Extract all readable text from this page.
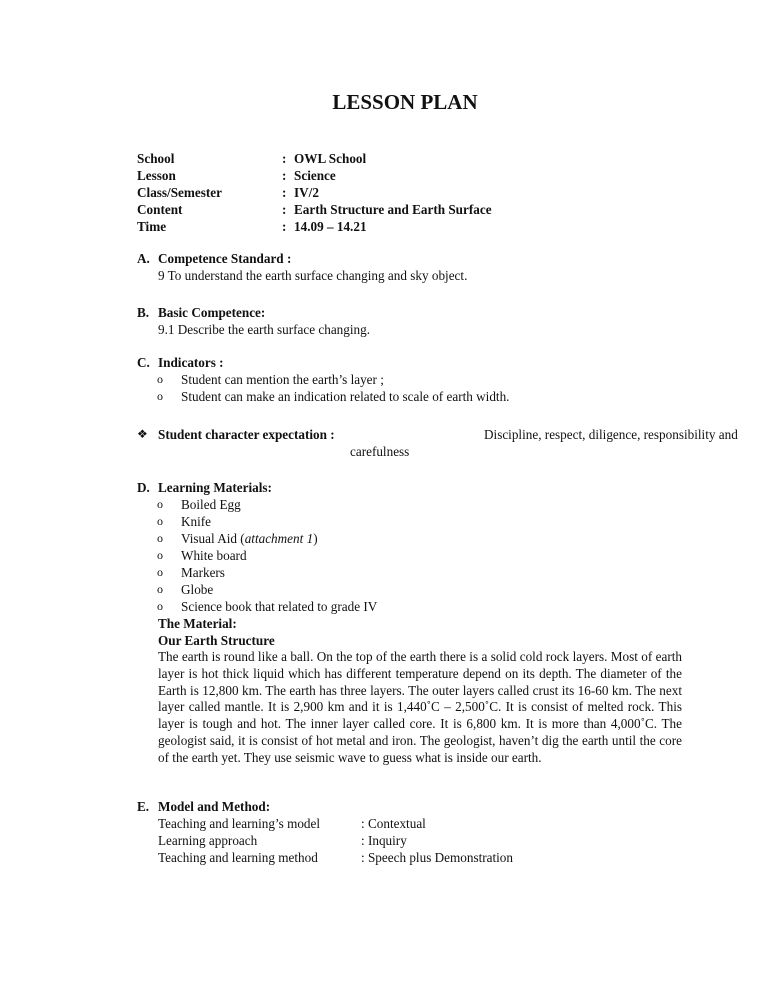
LESSON PLAN
School	: OWL School
Lesson	: Science
Class/Semester	: IV/2
Content	: Earth Structure and Earth Surface
Time	: 14.09 – 14.21
A. Competence Standard :
9 To understand the earth surface changing and sky object.
B. Basic Competence:
9.1 Describe the earth surface changing.
C. Indicators :
o Student can mention the earth’s layer ;
o Student can make an indication related to scale of earth width.
❖ Student character expectation :	Discipline, respect, diligence, responsibility and
carefulness
D. Learning Materials:
o Boiled Egg
o Knife
o Visual Aid (attachment 1)
o White board
o Markers
o Globe
o Science book that related to grade IV
The Material:
Our Earth Structure
The earth is round like a ball. On the top of the earth there is a solid cold rock layers. Most of earth layer is hot thick liquid which has different temperature depend on its depth. The diameter of the Earth is 12,800 km. The earth has three layers. The outer layers called crust its 16-60 km. The next layer called mantle. It is 2,900 km and it is 1,440˚C – 2,500˚C. It is consist of melted rock. This layer is tough and hot. The inner layer called core. It is 6,800 km. It is more than 4,000˚C. The geologist said, it is consist of hot metal and iron. The geologist, haven’t dig the earth until the core of the earth yet. They use seismic wave to guess what is inside our earth.
E. Model and Method:
Teaching and learning’s model	: Contextual
Learning approach	: Inquiry
Teaching and learning method	: Speech plus Demonstration
